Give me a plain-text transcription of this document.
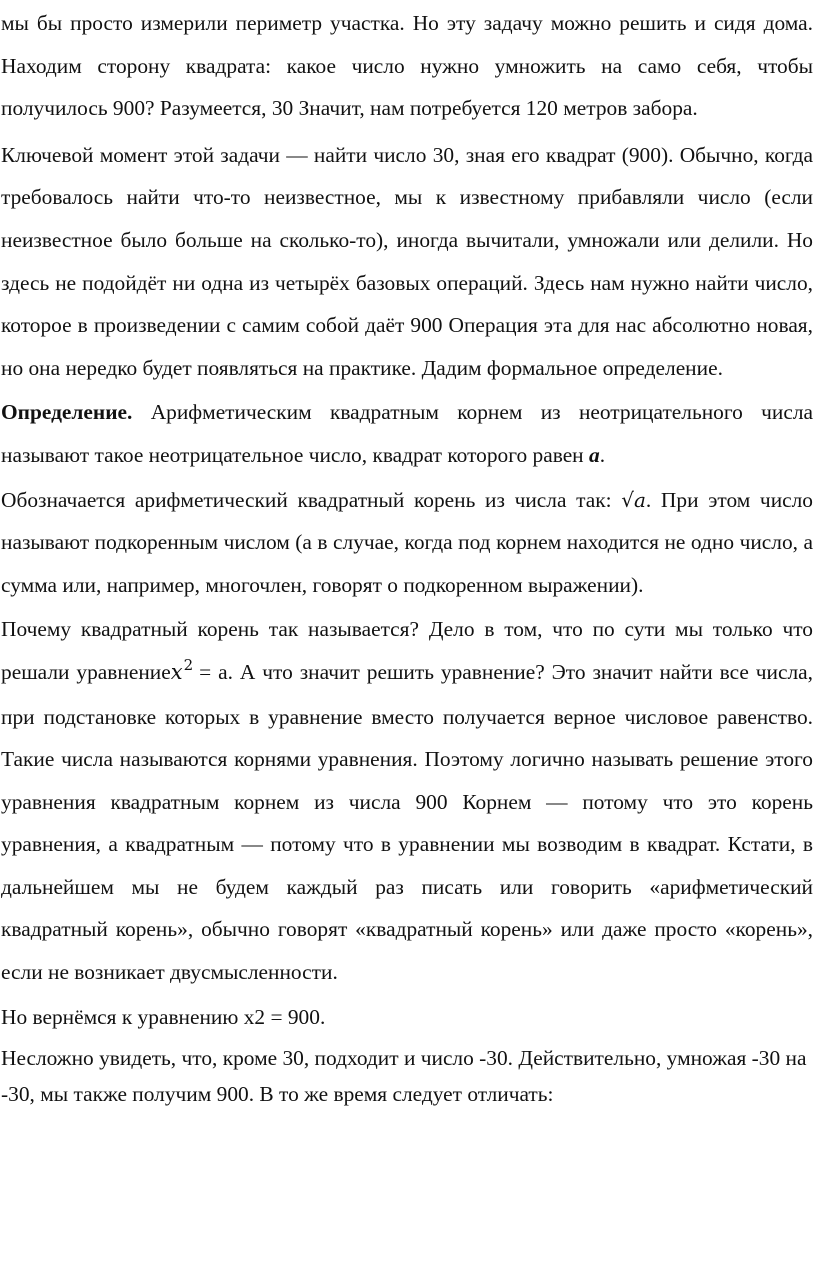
мы бы просто измерили периметр участка. Но эту задачу можно решить и сидя дома. Находим сторону квадрата: какое число нужно умножить на само себя, чтобы получилось 900? Разумеется, 30 Значит, нам потребуется 120 метров забора.

Ключевой момент этой задачи — найти число 30, зная его квадрат (900). Обычно, когда требовалось найти что-то неизвестное, мы к известному прибавляли число (если неизвестное было больше на сколько-то), иногда вычитали, умножали или делили. Но здесь не подойдёт ни одна из четырёх базовых операций. Здесь нам нужно найти число, которое в произведении с самим собой даёт 900 Операция эта для нас абсолютно новая, но она нередко будет появляться на практике. Дадим формальное определение.

Определение. Арифметическим квадратным корнем из неотрицательного числа называют такое неотрицательное число, квадрат которого равен a.

Обозначается арифметический квадратный корень из числа так: √a. При этом число называют подкоренным числом (а в случае, когда под корнем находится не одно число, а сумма или, например, многочлен, говорят о подкоренном выражении).

Почему квадратный корень так называется? Дело в том, что по сути мы только что решали уравнениеx$^2$ = а. А что значит решить уравнение? Это значит найти все числа, при подстановке которых в уравнение вместо получается верное числовое равенство. Такие числа называются корнями уравнения. Поэтому логично называть решение этого уравнения квадратным корнем из числа 900 Корнем — потому что это корень уравнения, а квадратным — потому что в уравнении мы возводим в квадрат. Кстати, в дальнейшем мы не будем каждый раз писать или говорить «арифметический квадратный корень», обычно говорят «квадратный корень» или даже просто «корень», если не возникает двусмысленности.

Но вернёмся к уравнению х2 = 900.

Несложно увидеть, что, кроме 30, подходит и число -30. Действительно, умножая -30 на -30, мы также получим 900. В то же время следует отличать:
